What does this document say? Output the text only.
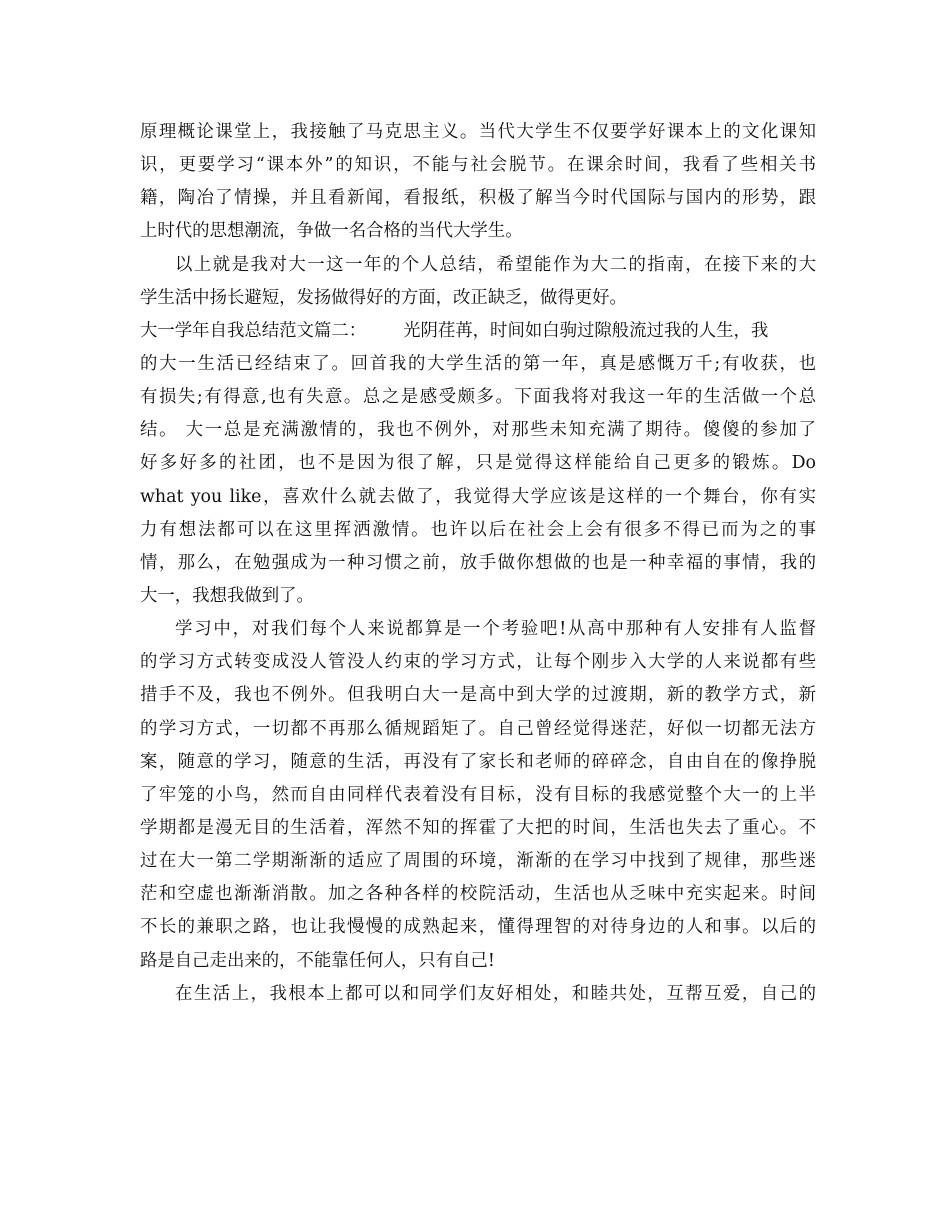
原理概论课堂上，我接触了马克思主义。当代大学生不仅要学好课本上的文化课知
识，更要学习“课本外”的知识，不能与社会脱节。在课余时间，我看了些相关书
籍，陶冶了情操，并且看新闻，看报纸，积极了解当今时代国际与国内的形势，跟
上时代的思想潮流，争做一名合格的当代大学生。
以上就是我对大一这一年的个人总结，希望能作为大二的指南，在接下来的大
学生活中扬长避短，发扬做得好的方面，改正缺乏，做得更好。
大一学年自我总结范文篇二： 光阴荏苒，时间如白驹过隙般流过我的人生，我
的大一生活已经结束了。回首我的大学生活的第一年，真是感慨万千;有收获，也
有损失;有得意,也有失意。总之是感受颇多。下面我将对我这一年的生活做一个总
结。 大一总是充满激情的，我也不例外，对那些未知充满了期待。傻傻的参加了
好多好多的社团，也不是因为很了解，只是觉得这样能给自己更多的锻炼。Do
what you like，喜欢什么就去做了，我觉得大学应该是这样的一个舞台，你有实
力有想法都可以在这里挥洒激情。也许以后在社会上会有很多不得已而为之的事
情，那么，在勉强成为一种习惯之前，放手做你想做的也是一种幸福的事情，我的
大一，我想我做到了。
学习中，对我们每个人来说都算是一个考验吧!从高中那种有人安排有人监督
的学习方式转变成没人管没人约束的学习方式，让每个刚步入大学的人来说都有些
措手不及，我也不例外。但我明白大一是高中到大学的过渡期，新的教学方式，新
的学习方式，一切都不再那么循规蹈矩了。自己曾经觉得迷茫，好似一切都无法方
案，随意的学习，随意的生活，再没有了家长和老师的碎碎念，自由自在的像挣脱
了牢笼的小鸟，然而自由同样代表着没有目标，没有目标的我感觉整个大一的上半
学期都是漫无目的生活着，浑然不知的挥霍了大把的时间，生活也失去了重心。不
过在大一第二学期渐渐的适应了周围的环境，渐渐的在学习中找到了规律，那些迷
茫和空虚也渐渐消散。加之各种各样的校院活动，生活也从乏味中充实起来。时间
不长的兼职之路，也让我慢慢的成熟起来，懂得理智的对待身边的人和事。以后的
路是自己走出来的，不能靠任何人，只有自己!
在生活上，我根本上都可以和同学们友好相处，和睦共处，互帮互爱，自己的
